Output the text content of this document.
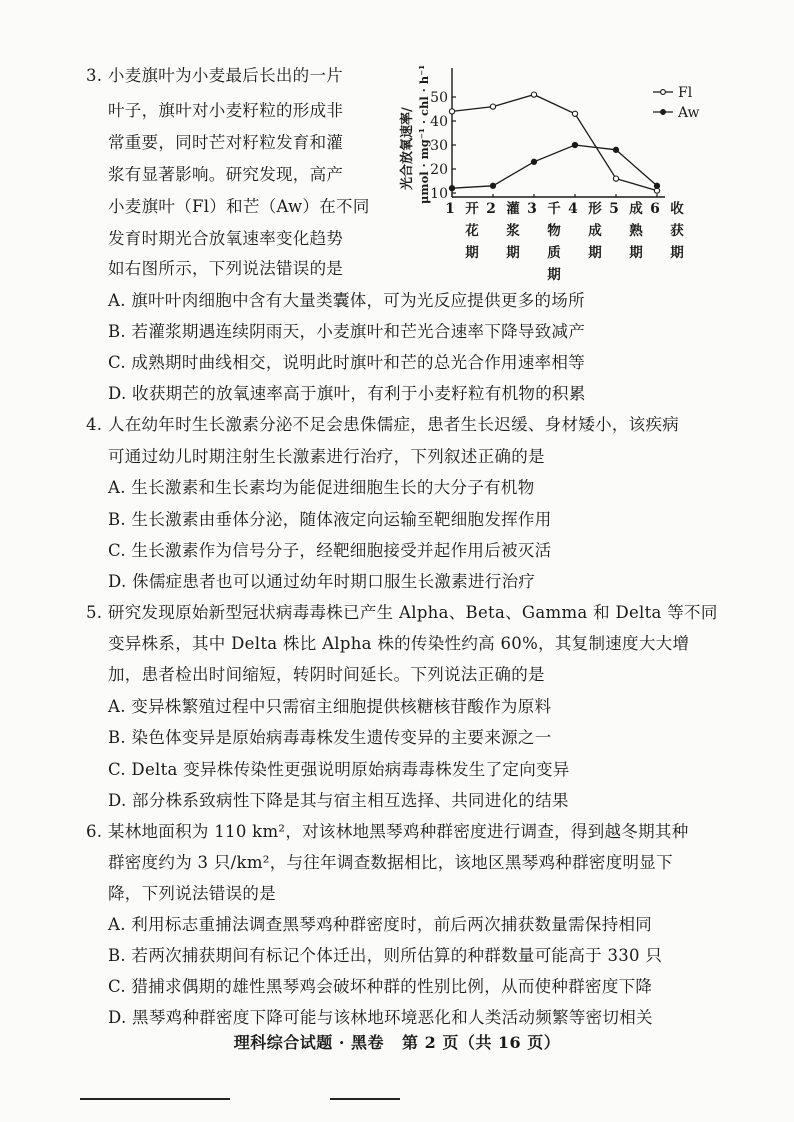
3. 小麦旗叶为小麦最后长出的一片
叶子，旗叶对小麦籽粒的形成非
常重要，同时芒对籽粒发育和灌
浆有显著影响。研究发现，高产
小麦旗叶（Fl）和芒（Aw）在不同
发育时期光合放氧速率变化趋势
如右图所示，下列说法错误的是
A. 旗叶叶肉细胞中含有大量类囊体，可为光反应提供更多的场所
B. 若灌浆期遇连续阴雨天，小麦旗叶和芒光合速率下降导致减产
C. 成熟期时曲线相交，说明此时旗叶和芒的总光合作用速率相等
D. 收获期芒的放氧速率高于旗叶，有利于小麦籽粒有机物的积累
光合放氧速率/ μmol · mg⁻¹ · chl · h⁻¹ 10
20
30
40
50
1 2 3 4 5 6
开花期
灌浆期
千物质期
形成期
成熟期
收获期
Fl
Aw
4. 人在幼年时生长激素分泌不足会患侏儒症，患者生长迟缓、身材矮小，该疾病
可通过幼儿时期注射生长激素进行治疗，下列叙述正确的是
A. 生长激素和生长素均为能促进细胞生长的大分子有机物
B. 生长激素由垂体分泌，随体液定向运输至靶细胞发挥作用
C. 生长激素作为信号分子，经靶细胞接受并起作用后被灭活
D. 侏儒症患者也可以通过幼年时期口服生长激素进行治疗
5. 研究发现原始新型冠状病毒毒株已产生 Alpha、Beta、Gamma 和 Delta 等不同
变异株系，其中 Delta 株比 Alpha 株的传染性约高 60%，其复制速度大大增
加，患者检出时间缩短，转阴时间延长。下列说法正确的是
A. 变异株繁殖过程中只需宿主细胞提供核糖核苷酸作为原料
B. 染色体变异是原始病毒毒株发生遗传变异的主要来源之一
C. Delta 变异株传染性更强说明原始病毒毒株发生了定向变异
D. 部分株系致病性下降是其与宿主相互选择、共同进化的结果
6. 某林地面积为 110 km²，对该林地黑琴鸡种群密度进行调查，得到越冬期其种
群密度约为 3 只/km²，与往年调查数据相比，该地区黑琴鸡种群密度明显下
降，下列说法错误的是
A. 利用标志重捕法调查黑琴鸡种群密度时，前后两次捕获数量需保持相同
B. 若两次捕获期间有标记个体迁出，则所估算的种群数量可能高于 330 只
C. 猎捕求偶期的雄性黑琴鸡会破坏种群的性别比例，从而使种群密度下降
D. 黑琴鸡种群密度下降可能与该林地环境恶化和人类活动频繁等密切相关
理科综合试题 · 黑卷 第 2 页（共 16 页）
